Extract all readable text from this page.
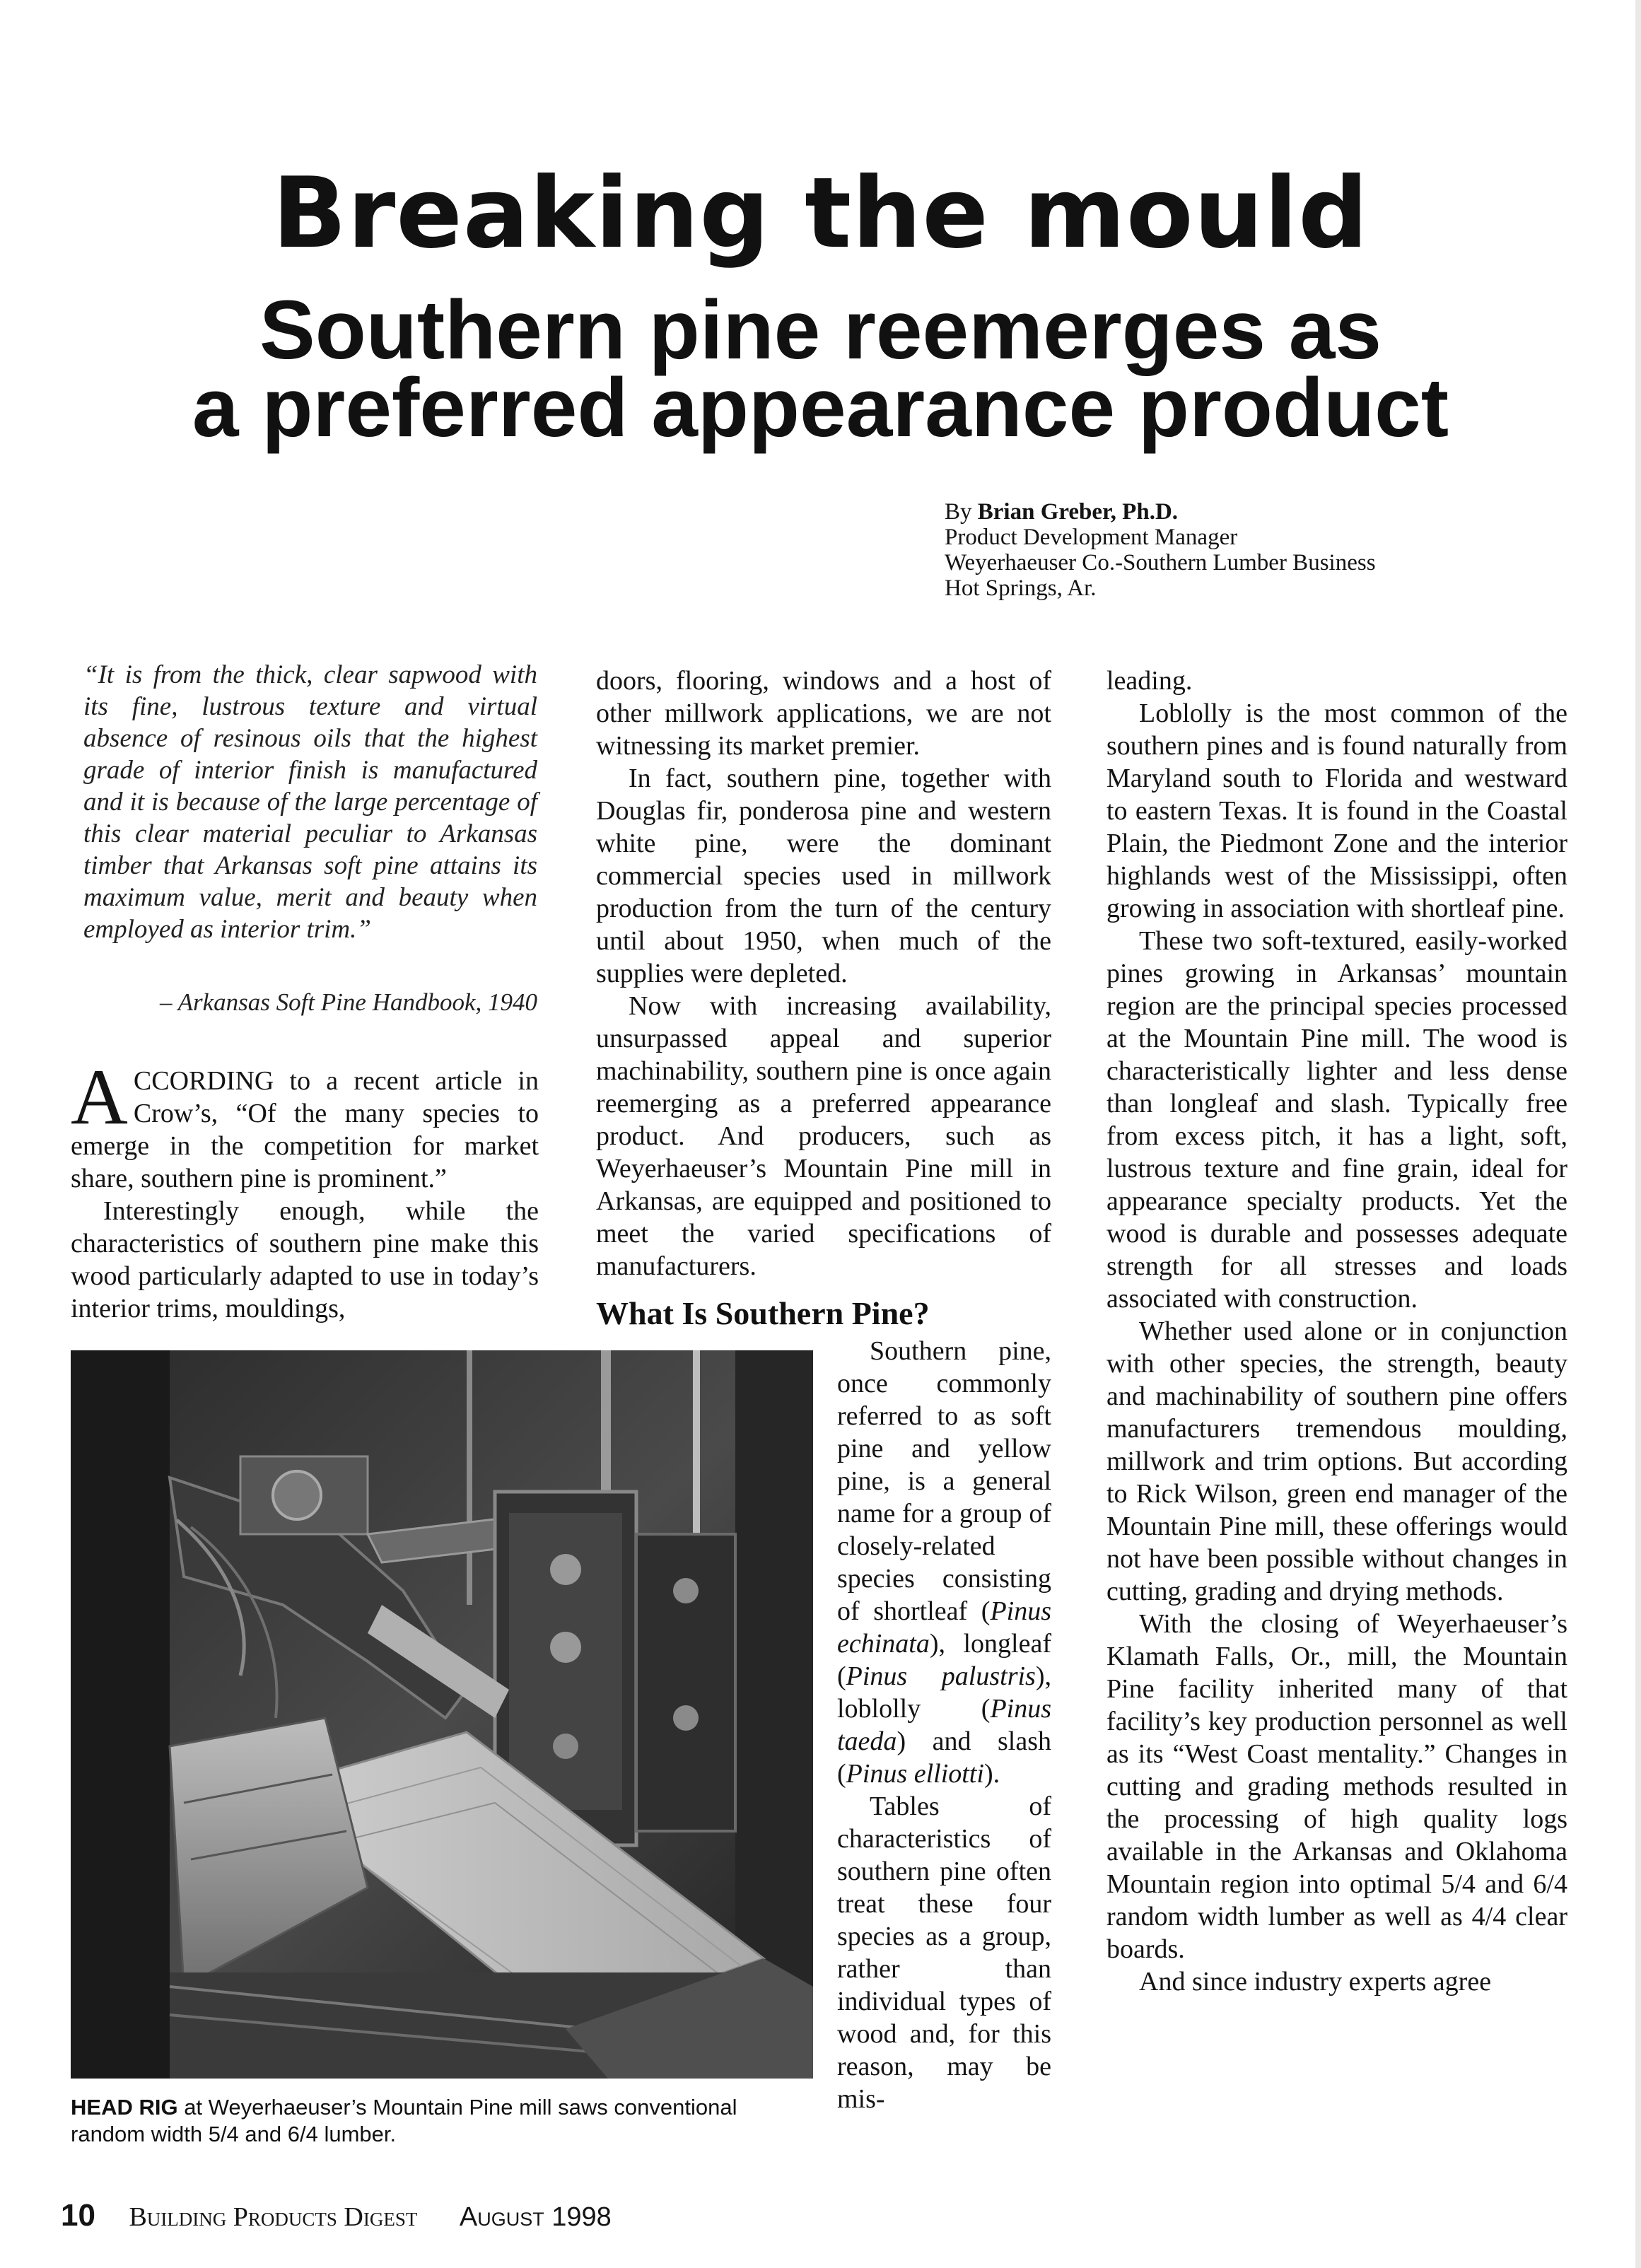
Breaking the mould
Southern pine reemerges as
a preferred appearance product
By Brian Greber, Ph.D.
Product Development Manager
Weyerhaeuser Co.-Southern Lumber Business
Hot Springs, Ar.
“It is from the thick, clear sapwood with its fine, lustrous texture and virtual absence of resinous oils that the highest grade of interior finish is manufactured and it is because of the large percentage of this clear material peculiar to Arkansas timber that Arkansas soft pine attains its maximum value, merit and beauty when employed as interior trim.”
– Arkansas Soft Pine Handbook, 1940

ACCORDING to a recent article in Crow’s, “Of the many species to emerge in the competition for market share, southern pine is prominent.”

Interestingly enough, while the characteristics of southern pine make this wood particularly adapted to use in today’s interior trims, mouldings,

doors, flooring, windows and a host of other millwork applications, we are not witnessing its market premier.

In fact, southern pine, together with Douglas fir, ponderosa pine and western white pine, were the dominant commercial species used in millwork production from the turn of the century until about 1950, when much of the supplies were depleted.

Now with increasing availability, unsurpassed appeal and superior machinability, southern pine is once again reemerging as a preferred appearance product. And producers, such as Weyerhaeuser’s Mountain Pine mill in Arkansas, are equipped and positioned to meet the varied specifications of manufacturers.

What Is Southern Pine?

Southern pine, once commonly referred to as soft pine and yellow pine, is a general name for a group of closely-related species consisting of shortleaf (Pinus echinata), longleaf (Pinus palustris), loblolly (Pinus taeda) and slash (Pinus elliotti).

Tables of characteristics of southern pine often treat these four species as a group, rather than individual types of wood and, for this reason, may be mis-

leading.

Loblolly is the most common of the southern pines and is found naturally from Maryland south to Florida and westward to eastern Texas. It is found in the Coastal Plain, the Piedmont Zone and the interior highlands west of the Mississippi, often growing in association with shortleaf pine.

These two soft-textured, easily-worked pines growing in Arkansas’ mountain region are the principal species processed at the Mountain Pine mill. The wood is characteristically lighter and less dense than longleaf and slash. Typically free from excess pitch, it has a light, soft, lustrous texture and fine grain, ideal for appearance specialty products. Yet the wood is durable and possesses adequate strength for all stresses and loads associated with construction.

Whether used alone or in conjunction with other species, the strength, beauty and machinability of southern pine offers manufacturers tremendous moulding, millwork and trim options. But according to Rick Wilson, green end manager of the Mountain Pine mill, these offerings would not have been possible without changes in cutting, grading and drying methods.

With the closing of Weyerhaeuser’s Klamath Falls, Or., mill, the Mountain Pine facility inherited many of that facility’s key production personnel as well as its “West Coast mentality.” Changes in cutting and grading methods resulted in the processing of high quality logs available in the Arkansas and Oklahoma Mountain region into optimal 5/4 and 6/4 random width lumber as well as 4/4 clear boards.

And since industry experts agree

HEAD RIG at Weyerhaeuser’s Mountain Pine mill saws conventional random width 5/4 and 6/4 lumber.
10 Building Products Digest August 1998
